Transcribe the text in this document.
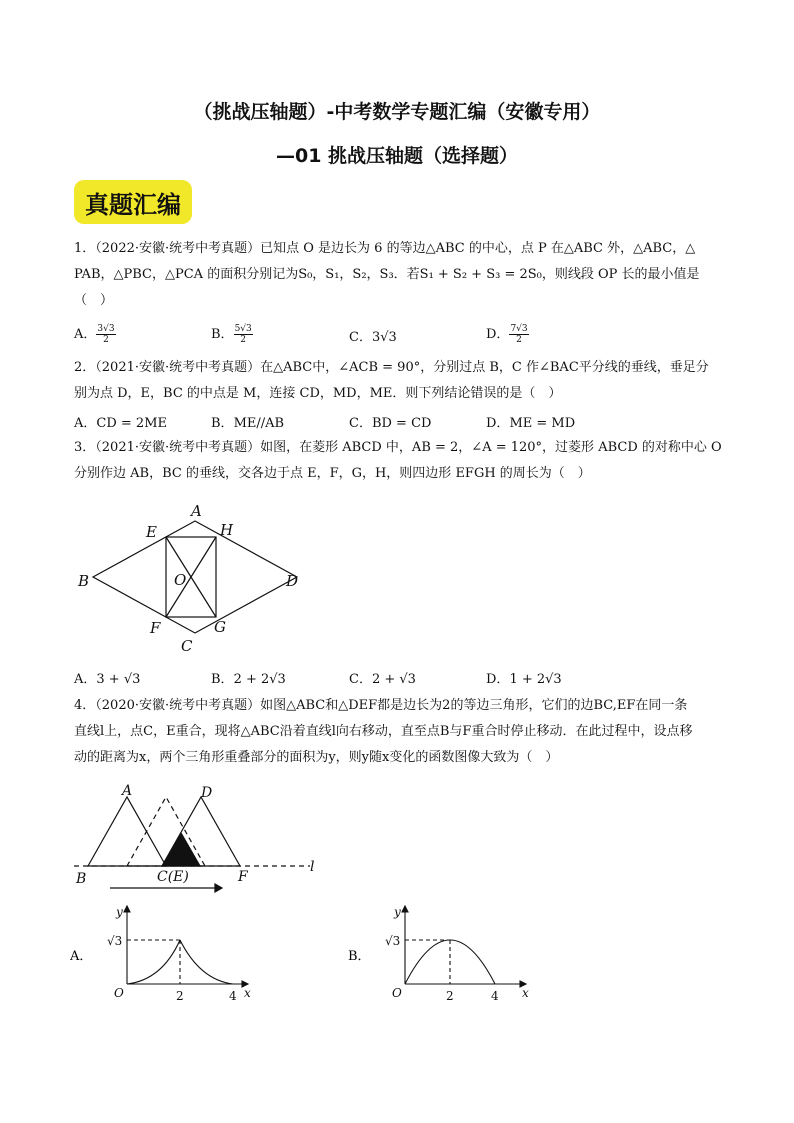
（挑战压轴题）-中考数学专题汇编（安徽专用）
—01 挑战压轴题（选择题）
真题汇编
1．（2022·安徽·统考中考真题）已知点 O 是边长为 6 的等边△ABC 的中心，点 P 在△ABC 外，△ABC，△
PAB，△PBC，△PCA 的面积分别记为S₀，S₁，S₂，S₃．若S₁ + S₂ + S₃ = 2S₀，则线段 OP 长的最小值是
（　）
A． $\frac{3√3}{2}$	B． $\frac{5√3}{2}$	C．3√3	D． $\frac{7√3}{2}$
2．（2021·安徽·统考中考真题）在△ABC中，∠ACB = 90°，分别过点 B，C 作∠BAC平分线的垂线，垂足分
别为点 D，E，BC 的中点是 M，连接 CD，MD，ME．则下列结论错误的是（　）
A．CD = 2ME	B．ME//AB	C．BD = CD	D．ME = MD
3．（2021·安徽·统考中考真题）如图，在菱形 ABCD 中，AB = 2，∠A = 120°，过菱形 ABCD 的对称中心 O
分别作边 AB，BC 的垂线，交各边于点 E，F，G，H，则四边形 EFGH 的周长为（　）
A
E	H
B	O	D
F	G
C
A．3 + √3	B．2 + 2√3	C．2 + √3	D．1 + 2√3
4．（2020·安徽·统考中考真题）如图△ABC和△DEF都是边长为2的等边三角形，它们的边BC,EF在同一条
直线l上，点C，E重合，现将△ABC沿着直线l向右移动，直至点B与F重合时停止移动．在此过程中，设点移
动的距离为x，两个三角形重叠部分的面积为y，则y随x变化的函数图像大致为（　）
A	D
B	C(E)	F
l
A．
y
√3
O	2	4 x
B．
y
√3
O	2	4 x
